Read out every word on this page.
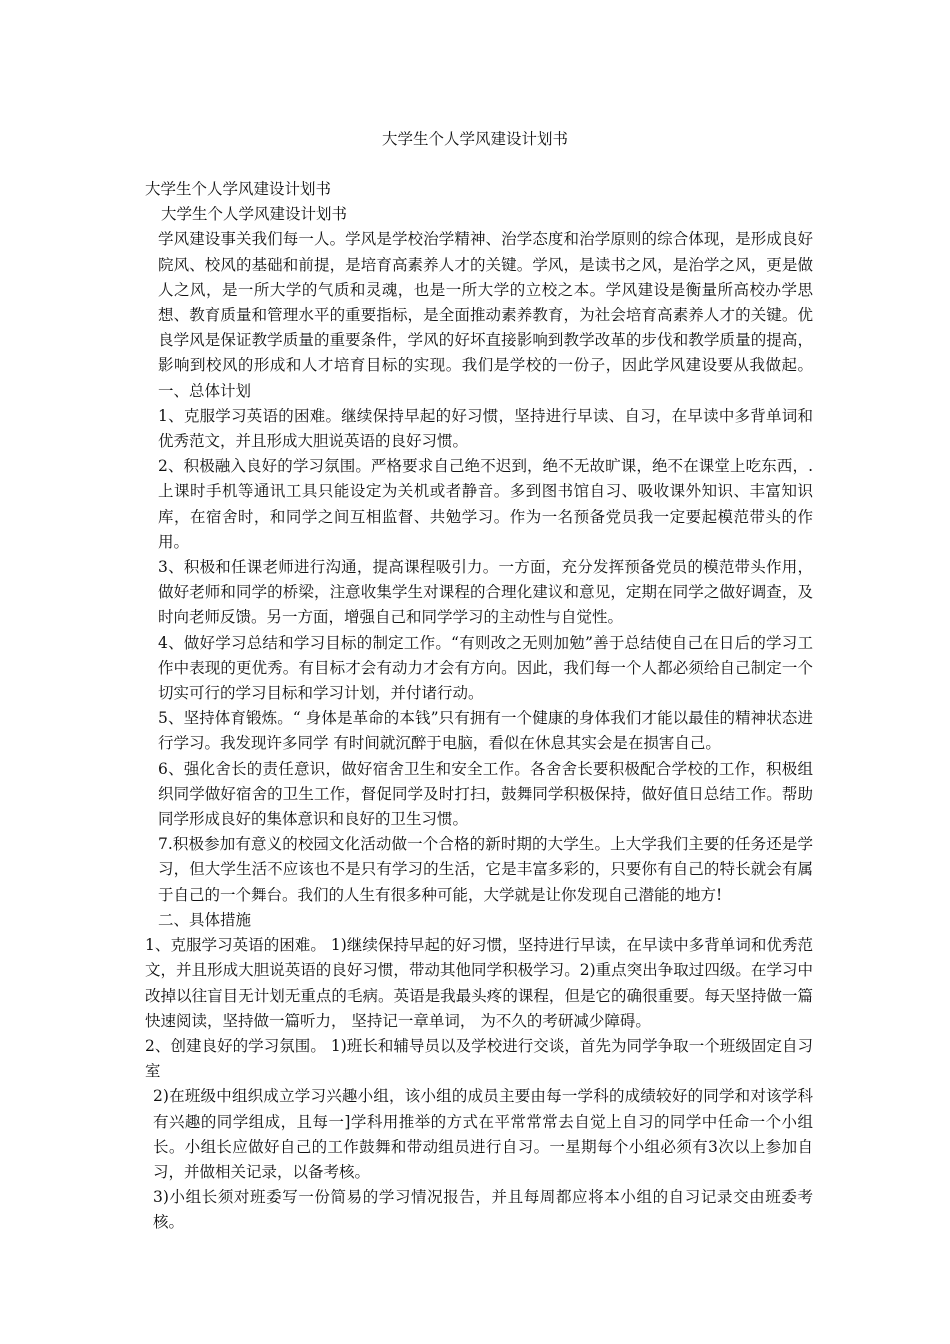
大学生个人学风建设计划书

大学生个人学风建设计划书

大学生个人学风建设计划书

学风建设事关我们每一人。学风是学校治学精神、治学态度和治学原则的综合体现，是形成良好院风、校风的基础和前提，是培育高素养人才的关键。学风，是读书之风，是治学之风，更是做人之风，是一所大学的气质和灵魂，也是一所大学的立校之本。学风建设是衡量所高校办学思想、教育质量和管理水平的重要指标，是全面推动素养教育，为社会培育高素养人才的关键。优良学风是保证教学质量的重要条件，学风的好坏直接影响到教学改革的步伐和教学质量的提高，影响到校风的形成和人才培育目标的实现。我们是学校的一份子，因此学风建设要从我做起。一、总体计划

1、克服学习英语的困难。继续保持早起的好习惯，坚持进行早读、自习，在早读中多背单词和优秀范文，并且形成大胆说英语的良好习惯。

2、积极融入良好的学习氛围。严格要求自己绝不迟到，绝不无故旷课，绝不在课堂上吃东西，. 上课时手机等通讯工具只能设定为关机或者静音。多到图书馆自习、吸收课外知识、丰富知识库，在宿舍时，和同学之间互相监督、共勉学习。作为一名预备党员我一定要起模范带头的作用。

3、积极和任课老师进行沟通，提高课程吸引力。一方面，充分发挥预备党员的模范带头作用，做好老师和同学的桥梁，注意收集学生对课程的合理化建议和意见，定期在同学之做好调查，及时向老师反馈。另一方面，增强自己和同学学习的主动性与自觉性。

4、做好学习总结和学习目标的制定工作。“有则改之无则加勉”善于总结使自己在日后的学习工作中表现的更优秀。有目标才会有动力才会有方向。因此，我们每一个人都必须给自己制定一个切实可行的学习目标和学习计划，并付诸行动。

5、坚持体育锻炼。“ 身体是革命的本钱”只有拥有一个健康的身体我们才能以最佳的精神状态进行学习。我发现许多同学 有时间就沉醉于电脑，看似在休息其实会是在损害自己。

6、强化舍长的责任意识，做好宿舍卫生和安全工作。各舍舍长要积极配合学校的工作，积极组织同学做好宿舍的卫生工作，督促同学及时打扫，鼓舞同学积极保持，做好值日总结工作。帮助同学形成良好的集体意识和良好的卫生习惯。

7.积极参加有意义的校园文化活动做一个合格的新时期的大学生。上大学我们主要的任务还是学习，但大学生活不应该也不是只有学习的生活，它是丰富多彩的，只要你有自己的特长就会有属于自己的一个舞台。我们的人生有很多种可能，大学就是让你发现自己潜能的地方!

二、具体措施

1、克服学习英语的困难。 1)继续保持早起的好习惯，坚持进行早读，在早读中多背单词和优秀范文，并且形成大胆说英语的良好习惯，带动其他同学积极学习。2)重点突出争取过四级。在学习中改掉以往盲目无计划无重点的毛病。英语是我最头疼的课程，但是它的确很重要。每天坚持做一篇快速阅读，坚持做一篇听力， 坚持记一章单词， 为不久的考研减少障碍。

2、创建良好的学习氛围。 1)班长和辅导员以及学校进行交谈，首先为同学争取一个班级固定自习室

2)在班级中组织成立学习兴趣小组，该小组的成员主要由每一学科的成绩较好的同学和对该学科有兴趣的同学组成，且每一]学科用推举的方式在平常常常去自觉上自习的同学中任命一个小组长。小组长应做好自己的工作鼓舞和带动组员进行自习。一星期每个小组必须有3次以上参加自习，并做相关记录，以备考核。

3)小组长须对班委写一份简易的学习情况报告，并且每周都应将本小组的自习记录交由班委考核。
